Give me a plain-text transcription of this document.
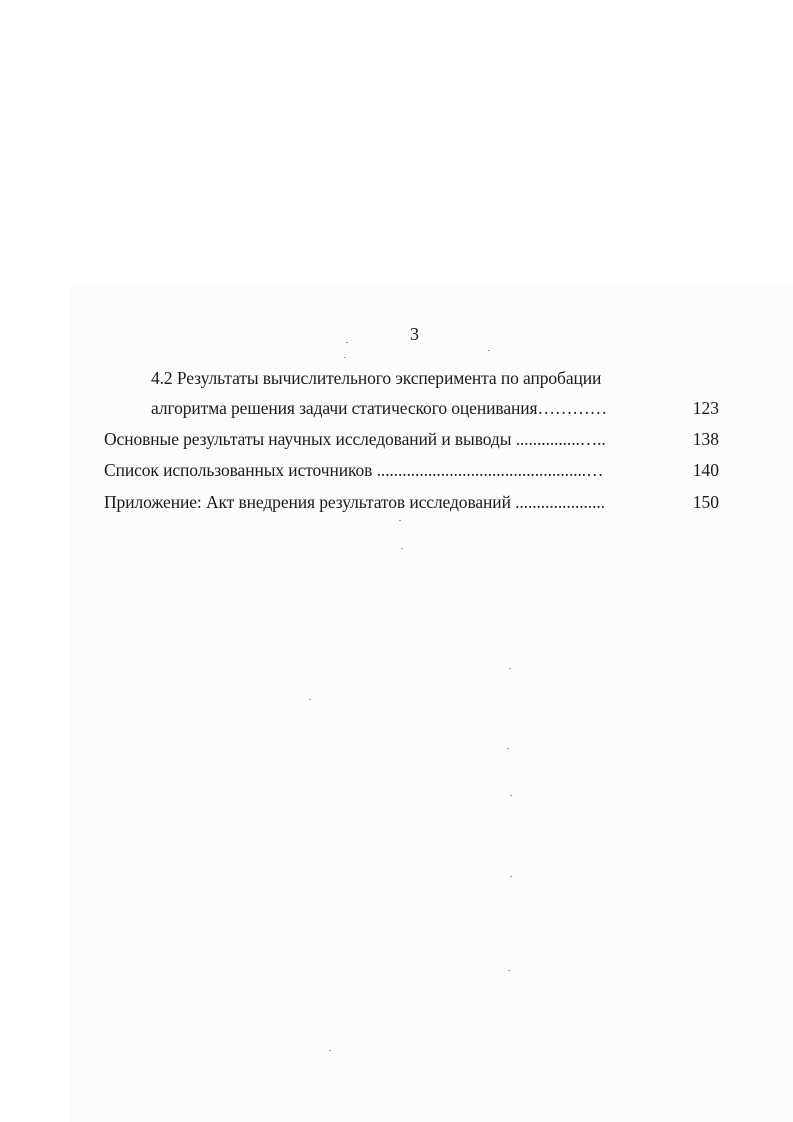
3
4.2 Результаты вычислительного эксперимента по апробации
алгоритма решения задачи статического оценивания…………	123
Основные результаты научных исследований и выводы ...............…..	138
Список использованных источников .................................................…	140
Приложение: Акт внедрения результатов исследований .....................	150
